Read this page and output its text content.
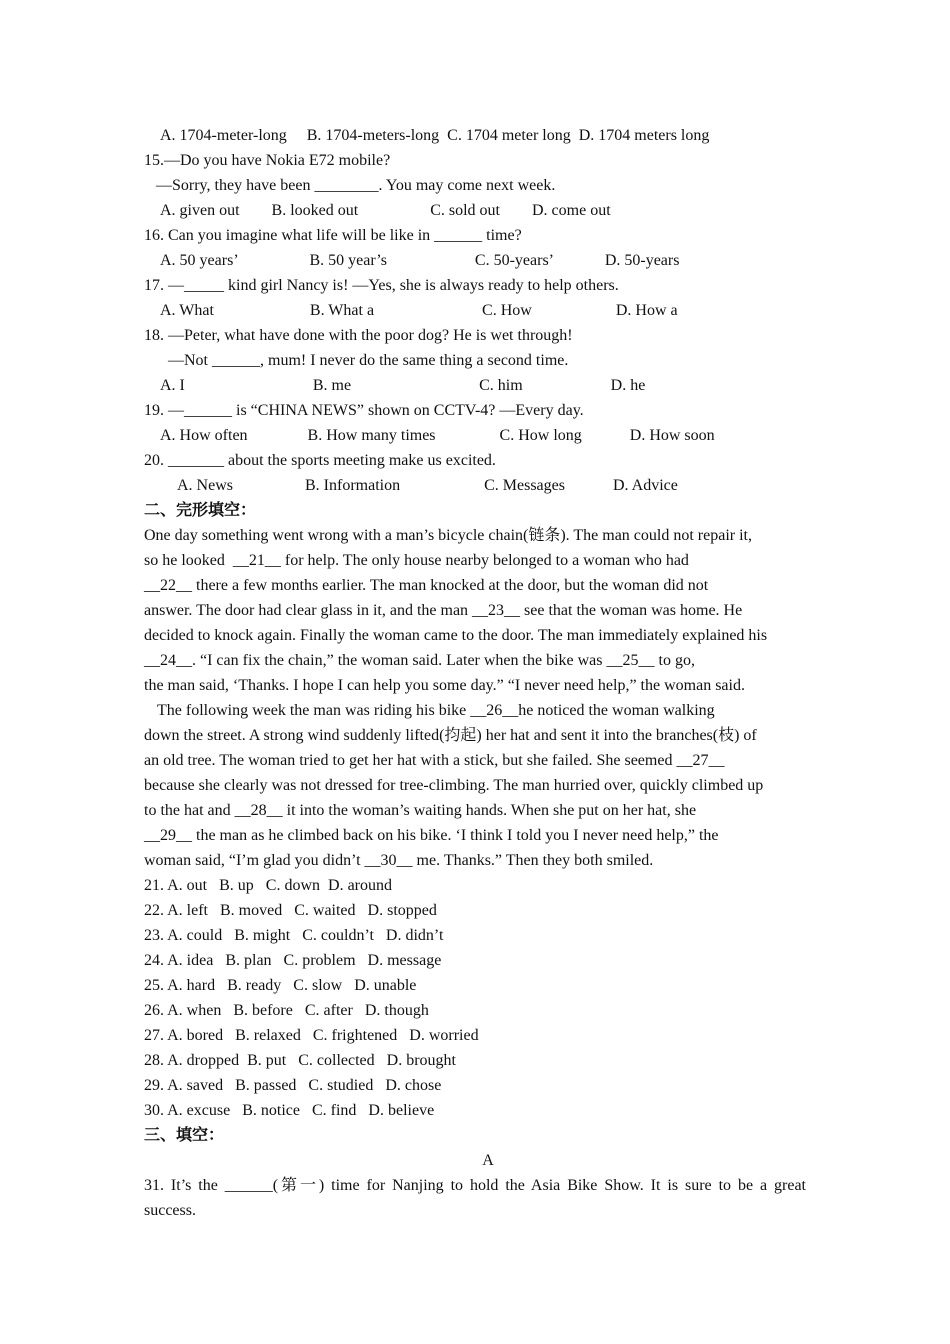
A. 1704-meter-long     B. 1704-meters-long  C. 1704 meter long  D. 1704 meters long
15.—Do you have Nokia E72 mobile?
—Sorry, they have been ________. You may come next week.
A. given out        B. looked out                  C. sold out        D. come out
16. Can you imagine what life will be like in ______ time?
A. 50 years’                  B. 50 year’s                      C. 50-years’             D. 50-years
17. —_____ kind girl Nancy is! —Yes, she is always ready to help others.
A. What                        B. What a                           C. How                     D. How a
18. —Peter, what have done with the poor dog? He is wet through!
—Not ______, mum! I never do the same thing a second time.
A. I                                B. me                                C. him                      D. he
19. —______ is “CHINA NEWS” shown on CCTV-4? —Every day.
A. How often               B. How many times                C. How long            D. How soon
20. _______ about the sports meeting make us excited.
A. News                  B. Information                     C. Messages            D. Advice
二、完形填空：
One day something went wrong with a man’s bicycle chain(链条). The man could not repair it,
so he looked  __21__ for help. The only house nearby belonged to a woman who had
__22__ there a few months earlier. The man knocked at the door, but the woman did not
answer. The door had clear glass in it, and the man __23__ see that the woman was home. He
decided to knock again. Finally the woman came to the door. The man immediately explained his
__24__. “I can fix the chain,” the woman said. Later when the bike was __25__ to go,
the man said, ‘Thanks. I hope I can help you some day.” “I never need help,” the woman said.
The following week the man was riding his bike __26__he noticed the woman walking
down the street. A strong wind suddenly lifted(抣起) her hat and sent it into the branches(枝) of
an old tree. The woman tried to get her hat with a stick, but she failed. She seemed __27__
because she clearly was not dressed for tree-climbing. The man hurried over, quickly climbed up
to the hat and __28__ it into the woman’s waiting hands. When she put on her hat, she
__29__ the man as he climbed back on his bike. ‘I think I told you I never need help,” the
woman said, “I’m glad you didn’t __30__ me. Thanks.” Then they both smiled.
21. A. out   B. up   C. down  D. around
22. A. left   B. moved   C. waited   D. stopped
23. A. could   B. might   C. couldn’t   D. didn’t
24. A. idea   B. plan   C. problem   D. message
25. A. hard   B. ready   C. slow   D. unable
26. A. when   B. before   C. after   D. though
27. A. bored   B. relaxed   C. frightened   D. worried
28. A. dropped  B. put   C. collected   D. brought
29. A. saved   B. passed   C. studied   D. chose
30. A. excuse   B. notice   C. find   D. believe
三、填空：
A
31. It’s the ______(第一) time for Nanjing to hold the Asia Bike Show. It is sure to be a great
success.
